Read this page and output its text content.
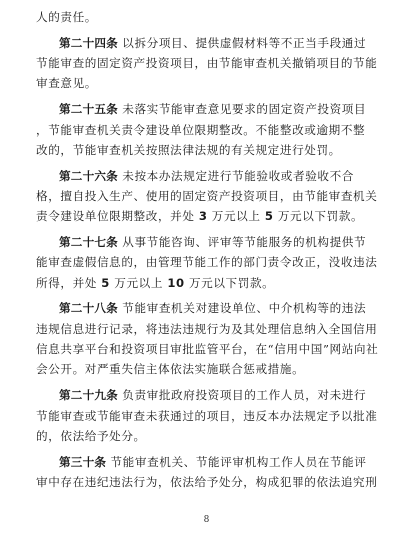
人的责任。
第二十四条 以拆分项目、提供虚假材料等不正当手段通过
节能审查的固定资产投资项目，由节能审查机关撤销项目的节能
审查意见。
第二十五条 未落实节能审查意见要求的固定资产投资项目
，节能审查机关责令建设单位限期整改。不能整改或逾期不整
改的，节能审查机关按照法律法规的有关规定进行处罚。
第二十六条 未按本办法规定进行节能验收或者验收不合
格，擅自投入生产、使用的固定资产投资项目，由节能审查机关
责令建设单位限期整改，并处 3 万元以上 5 万元以下罚款。
第二十七条 从事节能咨询、评审等节能服务的机构提供节
能审查虚假信息的，由管理节能工作的部门责令改正，没收违法
所得，并处 5 万元以上 10 万元以下罚款。
第二十八条 节能审查机关对建设单位、中介机构等的违法
违规信息进行记录，将违法违规行为及其处理信息纳入全国信用
信息共享平台和投资项目审批监管平台，在“信用中国”网站向社
会公开。对严重失信主体依法实施联合惩戒措施。
第二十九条 负责审批政府投资项目的工作人员，对未进行
节能审查或节能审查未获通过的项目，违反本办法规定予以批准
的，依法给予处分。
第三十条 节能审查机关、节能评审机构工作人员在节能评
审中存在违纪违法行为，依法给予处分，构成犯罪的依法追究刑
8
